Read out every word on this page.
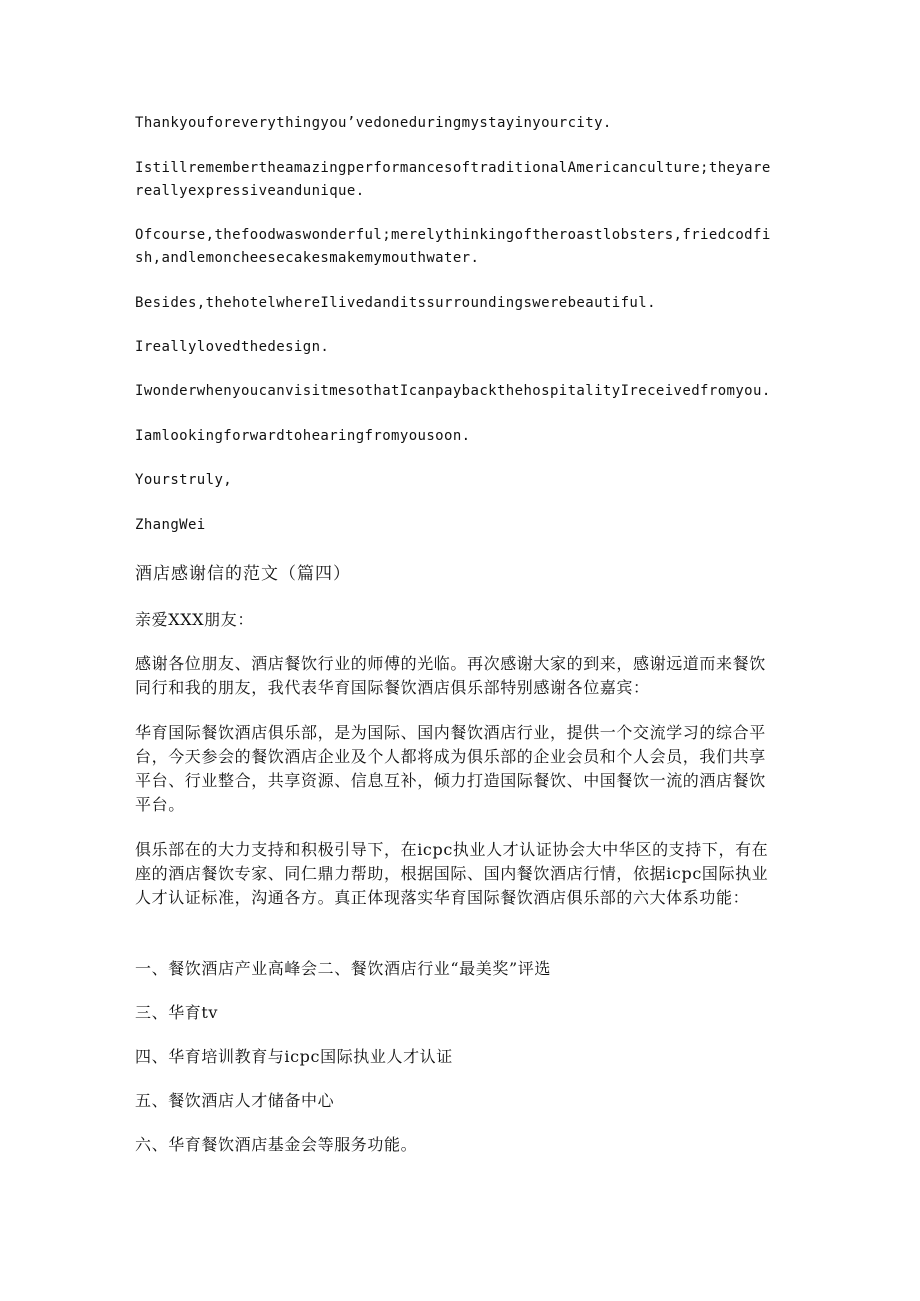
Thankyouforeverythingyou’vedoneduringmystayinyourcity.

IstillremembertheamazingperformancesoftraditionalAmericanculture;theyarereallyexpressiveandunique.

Ofcourse,thefoodwaswonderful;merelythinkingoftheroastlobsters,friedcodfish,andlemoncheesecakesmakemymouthwater.

Besides,thehotelwhereIlivedanditssurroundingswerebeautiful.

Ireallylovedthedesign.

IwonderwhenyoucanvisitmesothatIcanpaybackthehospitalityIreceivedfromyou.

Iamlookingforwardtohearingfromyousoon.

Yourstruly,

ZhangWei

酒店感谢信的范文（篇四）

亲爱XXX朋友：

感谢各位朋友、酒店餐饮行业的师傅的光临。再次感谢大家的到来，感谢远道而来餐饮同行和我的朋友，我代表华育国际餐饮酒店俱乐部特别感谢各位嘉宾：

华育国际餐饮酒店俱乐部，是为国际、国内餐饮酒店行业，提供一个交流学习的综合平台，今天参会的餐饮酒店企业及个人都将成为俱乐部的企业会员和个人会员，我们共享平台、行业整合，共享资源、信息互补，倾力打造国际餐饮、中国餐饮一流的酒店餐饮平台。

俱乐部在的大力支持和积极引导下，在icpc执业人才认证协会大中华区的支持下，有在座的酒店餐饮专家、同仁鼎力帮助，根据国际、国内餐饮酒店行情，依据icpc国际执业人才认证标准，沟通各方。真正体现落实华育国际餐饮酒店俱乐部的六大体系功能：

一、餐饮酒店产业高峰会二、餐饮酒店行业“最美奖”评选

三、华育tv

四、华育培训教育与icpc国际执业人才认证

五、餐饮酒店人才储备中心

六、华育餐饮酒店基金会等服务功能。
